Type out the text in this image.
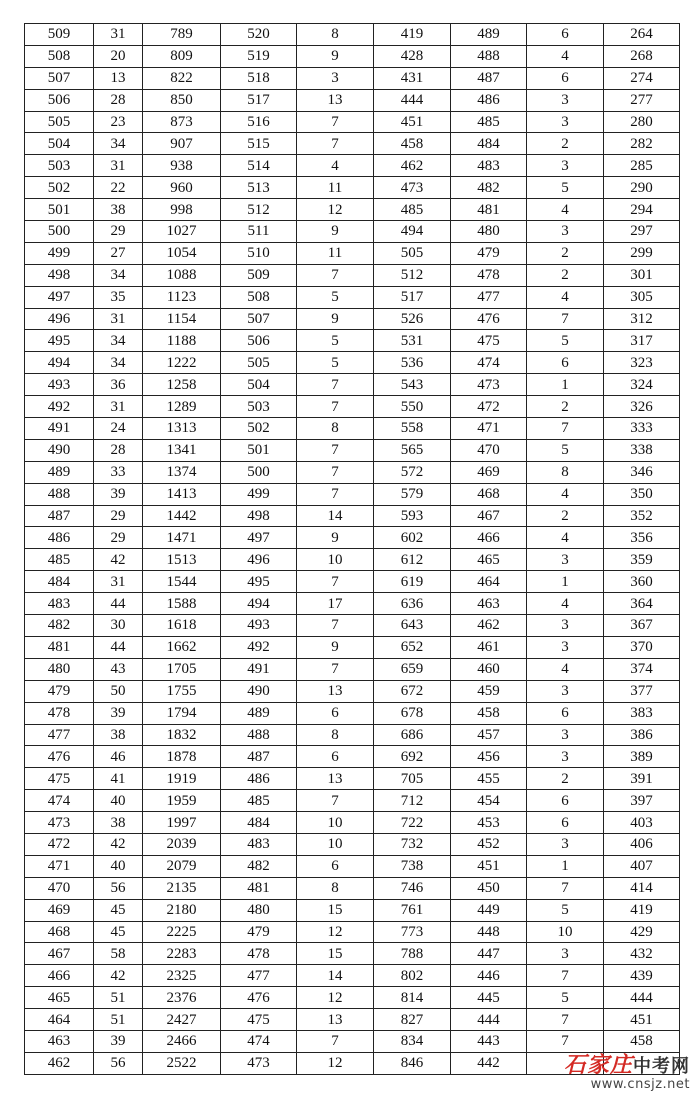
509	31	789	520	8	419	489	6	264
508	20	809	519	9	428	488	4	268
507	13	822	518	3	431	487	6	274
506	28	850	517	13	444	486	3	277
505	23	873	516	7	451	485	3	280
504	34	907	515	7	458	484	2	282
503	31	938	514	4	462	483	3	285
502	22	960	513	11	473	482	5	290
501	38	998	512	12	485	481	4	294
500	29	1027	511	9	494	480	3	297
499	27	1054	510	11	505	479	2	299
498	34	1088	509	7	512	478	2	301
497	35	1123	508	5	517	477	4	305
496	31	1154	507	9	526	476	7	312
495	34	1188	506	5	531	475	5	317
494	34	1222	505	5	536	474	6	323
493	36	1258	504	7	543	473	1	324
492	31	1289	503	7	550	472	2	326
491	24	1313	502	8	558	471	7	333
490	28	1341	501	7	565	470	5	338
489	33	1374	500	7	572	469	8	346
488	39	1413	499	7	579	468	4	350
487	29	1442	498	14	593	467	2	352
486	29	1471	497	9	602	466	4	356
485	42	1513	496	10	612	465	3	359
484	31	1544	495	7	619	464	1	360
483	44	1588	494	17	636	463	4	364
482	30	1618	493	7	643	462	3	367
481	44	1662	492	9	652	461	3	370
480	43	1705	491	7	659	460	4	374
479	50	1755	490	13	672	459	3	377
478	39	1794	489	6	678	458	6	383
477	38	1832	488	8	686	457	3	386
476	46	1878	487	6	692	456	3	389
475	41	1919	486	13	705	455	2	391
474	40	1959	485	7	712	454	6	397
473	38	1997	484	10	722	453	6	403
472	42	2039	483	10	732	452	3	406
471	40	2079	482	6	738	451	1	407
470	56	2135	481	8	746	450	7	414
469	45	2180	480	15	761	449	5	419
468	45	2225	479	12	773	448	10	429
467	58	2283	478	15	788	447	3	432
466	42	2325	477	14	802	446	7	439
465	51	2376	476	12	814	445	5	444
464	51	2427	475	13	827	444	7	451
463	39	2466	474	7	834	443	7	458
462	56	2522	473	12	846	442			石家庄中考网
www.cnsjz.net
